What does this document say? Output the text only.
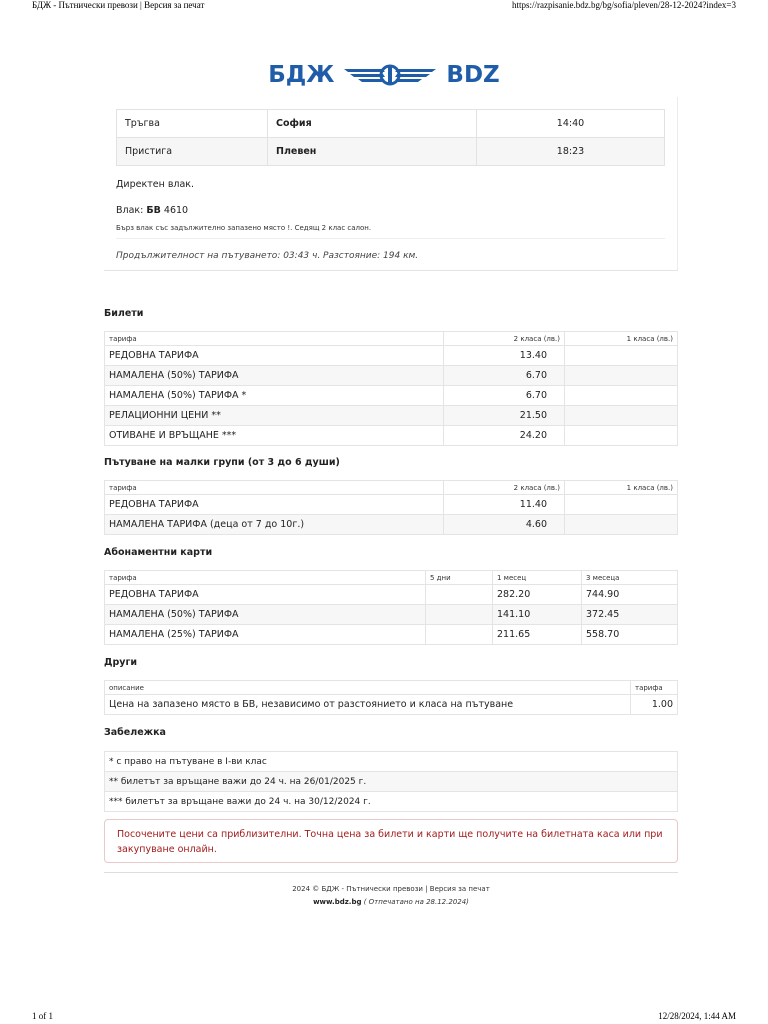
БДЖ - Пътнически превози | Версия за печат	https://razpisanie.bdz.bg/bg/sofia/pleven/28-12-2024?index=3
БДЖ	BDZ
Тръгва	София	14:40
Пристига	Плевен	18:23
Директен влак.
Влак: БВ 4610
Бърз влак със задължително запазено място !. Седящ 2 клас салон.
Продължителност на пътуването: 03:43 ч. Разстояние: 194 км.
Билети
тарифа	2 класа (лв.)	1 класа (лв.)
РЕДОВНА ТАРИФА	13.40	
НАМАЛЕНА (50%) ТАРИФА	6.70	
НАМАЛЕНА (50%) ТАРИФА *	6.70	
РЕЛАЦИОННИ ЦЕНИ **	21.50	
ОТИВАНЕ И ВРЪЩАНЕ ***	24.20	
Пътуване на малки групи (от 3 до 6 души)
тарифа	2 класа (лв.)	1 класа (лв.)
РЕДОВНА ТАРИФА	11.40	
НАМАЛЕНА ТАРИФА (деца от 7 до 10г.)	4.60	
Абонаментни карти
тарифа	5 дни	1 месец	3 месеца
РЕДОВНА ТАРИФА		282.20	744.90
НАМАЛЕНА (50%) ТАРИФА		141.10	372.45
НАМАЛЕНА (25%) ТАРИФА		211.65	558.70
Други
описание	тарифа
Цена на запазено място в БВ, независимо от разстоянието и класа на пътуване	1.00
Забележка
* с право на пътуване в I-ви клас
** билетът за връщане важи до 24 ч. на 26/01/2025 г.
*** билетът за връщане важи до 24 ч. на 30/12/2024 г.
Посочените цени са приблизителни. Точна цена за билети и карти ще получите на билетната каса или при закупуване онлайн.
2024 © БДЖ - Пътнически превози | Версия за печат
www.bdz.bg ( Отпечатано на 28.12.2024)
1 of 1	12/28/2024, 1:44 AM
